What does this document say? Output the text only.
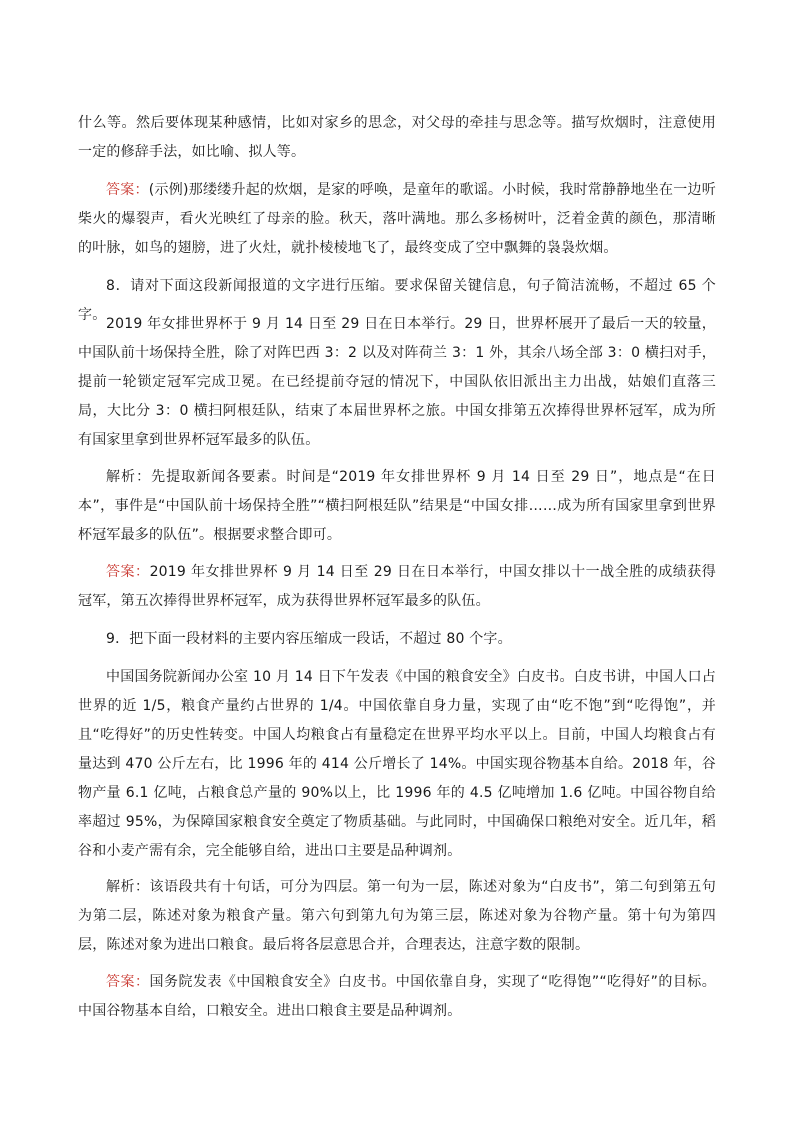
什么等。然后要体现某种感情，比如对家乡的思念，对父母的牵挂与思念等。描写炊烟时，注意使用一定的修辞手法，如比喻、拟人等。

答案：(示例)那缕缕升起的炊烟，是家的呼唤，是童年的歌谣。小时候，我时常静静地坐在一边听柴火的爆裂声，看火光映红了母亲的脸。秋天，落叶满地。那么多杨树叶，泛着金黄的颜色，那清晰的叶脉，如鸟的翅膀，进了火灶，就扑棱棱地飞了，最终变成了空中飘舞的袅袅炊烟。

8．请对下面这段新闻报道的文字进行压缩。要求保留关键信息，句子简洁流畅，不超过 65 个字。

2019 年女排世界杯于 9 月 14 日至 29 日在日本举行。29 日，世界杯展开了最后一天的较量，中国队前十场保持全胜，除了对阵巴西 3：2 以及对阵荷兰 3：1 外，其余八场全部 3：0 横扫对手，提前一轮锁定冠军完成卫冕。在已经提前夺冠的情况下，中国队依旧派出主力出战，姑娘们直落三局，大比分 3：0 横扫阿根廷队，结束了本届世界杯之旅。中国女排第五次捧得世界杯冠军，成为所有国家里拿到世界杯冠军最多的队伍。

解析：先提取新闻各要素。时间是“2019 年女排世界杯 9 月 14 日至 29 日”，地点是“在日本”，事件是“中国队前十场保持全胜”“横扫阿根廷队”结果是“中国女排……成为所有国家里拿到世界杯冠军最多的队伍”。根据要求整合即可。

答案：2019 年女排世界杯 9 月 14 日至 29 日在日本举行，中国女排以十一战全胜的成绩获得冠军，第五次捧得世界杯冠军，成为获得世界杯冠军最多的队伍。

9．把下面一段材料的主要内容压缩成一段话，不超过 80 个字。

中国国务院新闻办公室 10 月 14 日下午发表《中国的粮食安全》白皮书。白皮书讲，中国人口占世界的近 1/5，粮食产量约占世界的 1/4。中国依靠自身力量，实现了由“吃不饱”到“吃得饱”，并且“吃得好”的历史性转变。中国人均粮食占有量稳定在世界平均水平以上。目前，中国人均粮食占有量达到 470 公斤左右，比 1996 年的 414 公斤增长了 14%。中国实现谷物基本自给。2018 年，谷物产量 6.1 亿吨，占粮食总产量的 90%以上，比 1996 年的 4.5 亿吨增加 1.6 亿吨。中国谷物自给率超过 95%，为保障国家粮食安全奠定了物质基础。与此同时，中国确保口粮绝对安全。近几年，稻谷和小麦产需有余，完全能够自给，进出口主要是品种调剂。

解析：该语段共有十句话，可分为四层。第一句为一层，陈述对象为“白皮书”，第二句到第五句为第二层，陈述对象为粮食产量。第六句到第九句为第三层，陈述对象为谷物产量。第十句为第四层，陈述对象为进出口粮食。最后将各层意思合并，合理表达，注意字数的限制。

答案：国务院发表《中国粮食安全》白皮书。中国依靠自身，实现了“吃得饱”“吃得好”的目标。中国谷物基本自给，口粮安全。进出口粮食主要是品种调剂。
